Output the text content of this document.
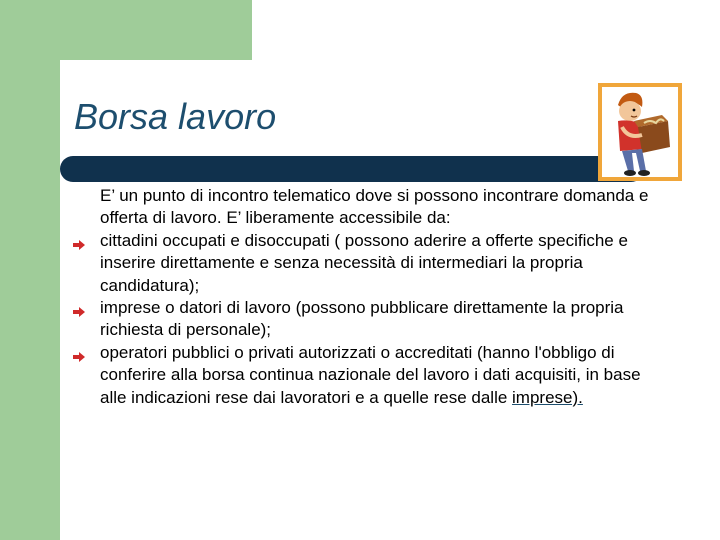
Borsa lavoro

E’ un punto di incontro telematico dove si possono incontrare domanda e offerta di lavoro. E’ liberamente accessibile da:

cittadini occupati e disoccupati ( possono aderire a offerte specifiche e inserire direttamente e senza necessità di intermediari la propria candidatura);
imprese o datori di lavoro (possono pubblicare direttamente la propria richiesta di personale);
operatori pubblici o privati autorizzati o accreditati (hanno l'obbligo di conferire alla borsa continua nazionale del lavoro i dati acquisiti, in base alle indicazioni rese dai lavoratori e a quelle rese dalle imprese).
